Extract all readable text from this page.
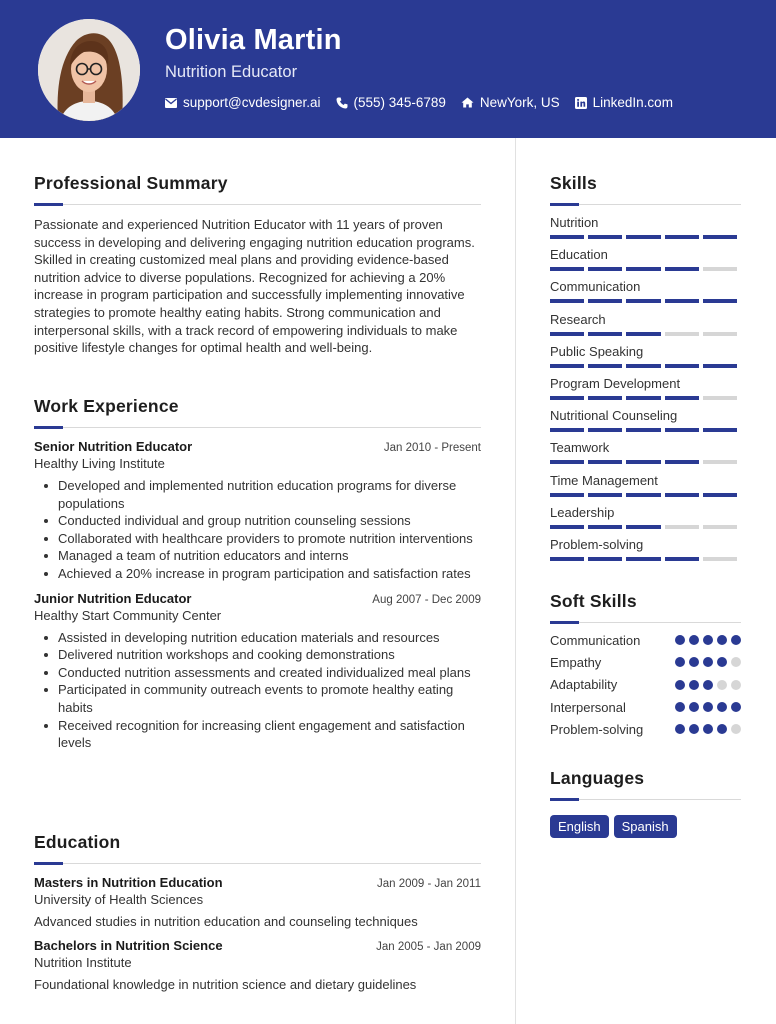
Olivia Martin
Nutrition Educator
support@cvdesigner.ai (555) 345-6789	NewYork, US LinkedIn.com
Professional Summary
Passionate and experienced Nutrition Educator with 11 years of proven success in developing and delivering engaging nutrition education programs. Skilled in creating customized meal plans and providing evidence-based nutrition advice to diverse populations. Recognized for achieving a 20% increase in program participation and successfully implementing innovative strategies to promote healthy eating habits. Strong communication and interpersonal skills, with a track record of empowering individuals to make positive lifestyle changes for optimal health and well-being.
Work Experience
Senior Nutrition Educator	Jan 2010 - Present
Healthy Living Institute
Developed and implemented nutrition education programs for diverse populations
Conducted individual and group nutrition counseling sessions
Collaborated with healthcare providers to promote nutrition interventions
Managed a team of nutrition educators and interns
Achieved a 20% increase in program participation and satisfaction rates
Junior Nutrition Educator	Aug 2007 - Dec 2009
Healthy Start Community Center
Assisted in developing nutrition education materials and resources
Delivered nutrition workshops and cooking demonstrations
Conducted nutrition assessments and created individualized meal plans
Participated in community outreach events to promote healthy eating habits
Received recognition for increasing client engagement and satisfaction levels
Education
Masters in Nutrition Education	Jan 2009 - Jan 2011
University of Health Sciences
Advanced studies in nutrition education and counseling techniques
Bachelors in Nutrition Science	Jan 2005 - Jan 2009
Nutrition Institute
Foundational knowledge in nutrition science and dietary guidelines
Skills
Nutrition
Education
Communication
Research
Public Speaking
Program Development
Nutritional Counseling
Teamwork
Time Management
Leadership
Problem-solving
Soft Skills
Communication
Empathy
Adaptability
Interpersonal
Problem-solving
Languages
English	Spanish
